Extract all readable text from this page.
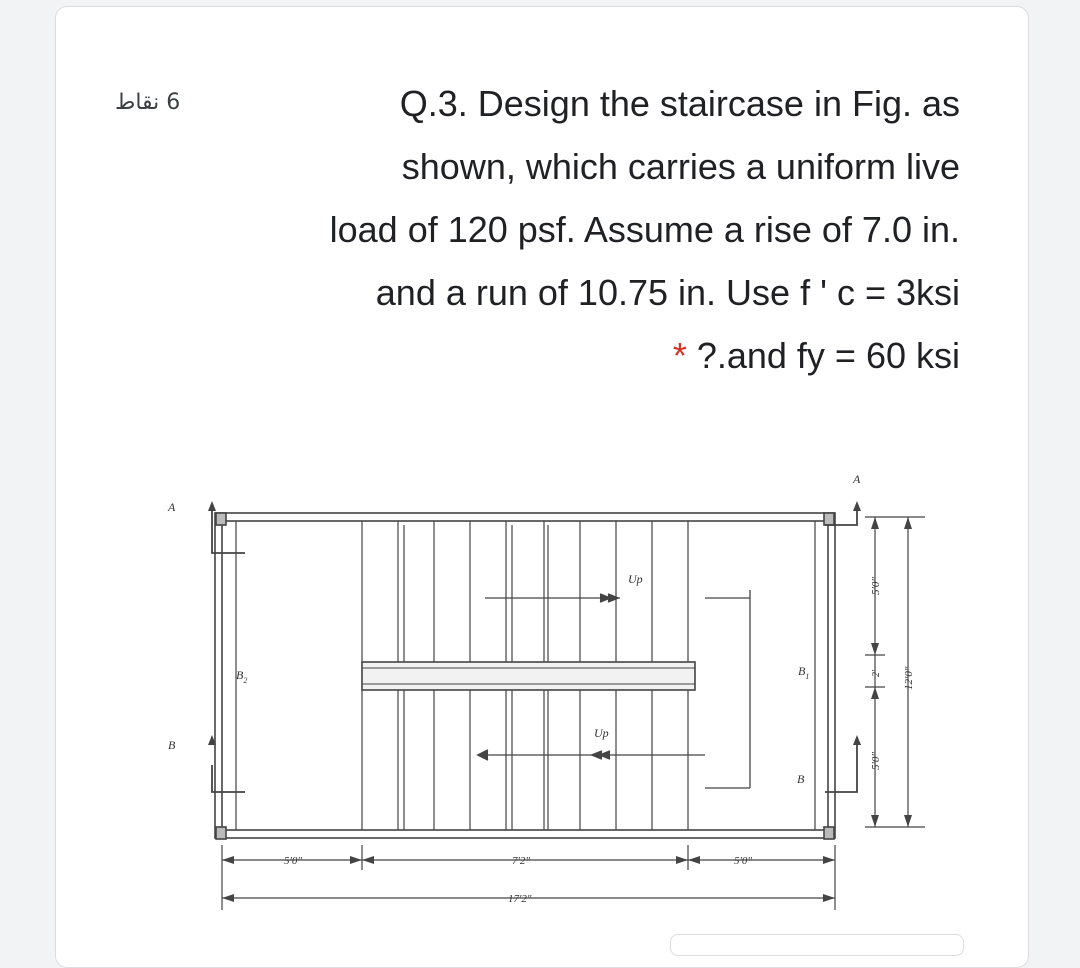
6 نقاط	Q.3. Design the staircase in Fig. as
shown, which carries a uniform live
load of 120 psf. Assume a rise of 7.0 in.
and a run of 10.75 in. Use f ' c = 3ksi
* ?.and fy = 60 ksi
A
A
B
B
$B_2$
$B_1$
Up
Up
5'0"	7'2"	5'0"
17'2"
5'0"
2'
5'0"
12'0"
